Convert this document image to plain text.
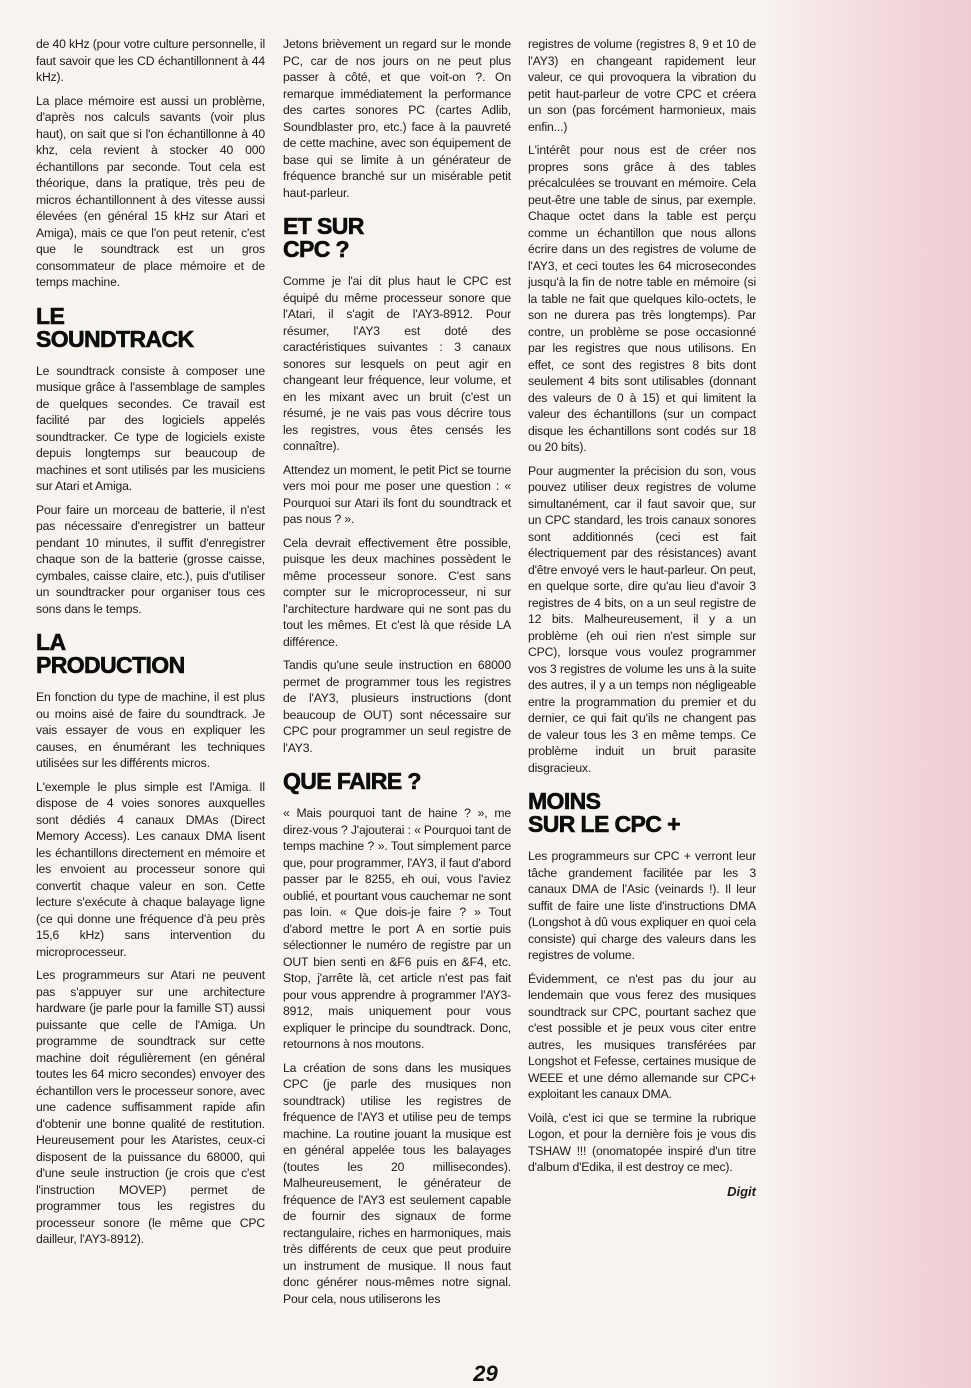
de 40 kHz (pour votre culture personnelle, il faut savoir que les CD échantillonnent à 44 kHz).

La place mémoire est aussi un problème, d'après nos calculs savants (voir plus haut), on sait que si l'on échantillonne à 40 khz, cela revient à stocker 40 000 échantillons par seconde. Tout cela est théorique, dans la pratique, très peu de micros échantillonnent à des vitesse aussi élevées (en général 15 kHz sur Atari et Amiga), mais ce que l'on peut retenir, c'est que le soundtrack est un gros consommateur de place mémoire et de temps machine.

LE
SOUNDTRACK

Le soundtrack consiste à composer une musique grâce à l'assemblage de samples de quelques secondes. Ce travail est facilité par des logiciels appelés soundtracker. Ce type de logiciels existe depuis longtemps sur beaucoup de machines et sont utilisés par les musiciens sur Atari et Amiga.

Pour faire un morceau de batterie, il n'est pas nécessaire d'enregistrer un batteur pendant 10 minutes, il suffit d'enregistrer chaque son de la batterie (grosse caisse, cymbales, caisse claire, etc.), puis d'utiliser un soundtracker pour organiser tous ces sons dans le temps.

LA
PRODUCTION

En fonction du type de machine, il est plus ou moins aisé de faire du soundtrack. Je vais essayer de vous en expliquer les causes, en énumérant les techniques utilisées sur les différents micros.

L'exemple le plus simple est l'Amiga. Il dispose de 4 voies sonores auxquelles sont dédiés 4 canaux DMAs (Direct Memory Access). Les canaux DMA lisent les échantillons directement en mémoire et les envoient au processeur sonore qui convertit chaque valeur en son. Cette lecture s'exécute à chaque balayage ligne (ce qui donne une fréquence d'à peu près 15,6 kHz) sans intervention du microprocesseur.

Les programmeurs sur Atari ne peuvent pas s'appuyer sur une architecture hardware (je parle pour la famille ST) aussi puissante que celle de l'Amiga. Un programme de soundtrack sur cette machine doit régulièrement (en général toutes les 64 micro secondes) envoyer des échantillon vers le processeur sonore, avec une cadence suffisamment rapide afin d'obtenir une bonne qualité de restitution. Heureusement pour les Ataristes, ceux-ci disposent de la puissance du 68000, qui d'une seule instruction (je crois que c'est l'instruction MOVEP) permet de programmer tous les registres du processeur sonore (le même que CPC dailleur, l'AY3-8912).

Jetons brièvement un regard sur le monde PC, car de nos jours on ne peut plus passer à côté, et que voit-on ?. On remarque immédiatement la performance des cartes sonores PC (cartes Adlib, Soundblaster pro, etc.) face à la pauvreté de cette machine, avec son équipement de base qui se limite à un générateur de fréquence branché sur un misérable petit haut-parleur.

ET SUR
CPC ?

Comme je l'ai dit plus haut le CPC est équipé du même processeur sonore que l'Atari, il s'agit de l'AY3-8912. Pour résumer, l'AY3 est doté des caractéristiques suivantes : 3 canaux sonores sur lesquels on peut agir en changeant leur fréquence, leur volume, et en les mixant avec un bruit (c'est un résumé, je ne vais pas vous décrire tous les registres, vous êtes censés les connaître).

Attendez un moment, le petit Pict se tourne vers moi pour me poser une question : « Pourquoi sur Atari ils font du soundtrack et pas nous ? ».

Cela devrait effectivement être possible, puisque les deux machines possèdent le même processeur sonore. C'est sans compter sur le microprocesseur, ni sur l'architecture hardware qui ne sont pas du tout les mêmes. Et c'est là que réside LA différence.

Tandis qu'une seule instruction en 68000 permet de programmer tous les registres de l'AY3, plusieurs instructions (dont beaucoup de OUT) sont nécessaire sur CPC pour programmer un seul registre de l'AY3.

QUE FAIRE ?

« Mais pourquoi tant de haine ? », me direz-vous ? J'ajouterai : « Pourquoi tant de temps machine ? ». Tout simplement parce que, pour programmer, l'AY3, il faut d'abord passer par le 8255, eh oui, vous l'aviez oublié, et pourtant vous cauchemar ne sont pas loin. « Que dois-je faire ? » Tout d'abord mettre le port A en sortie puis sélectionner le numéro de registre par un OUT bien senti en &F6 puis en &F4, etc. Stop, j'arrête là, cet article n'est pas fait pour vous apprendre à programmer l'AY3-8912, mais uniquement pour vous expliquer le principe du soundtrack. Donc, retournons à nos moutons.

La création de sons dans les musiques CPC (je parle des musiques non soundtrack) utilise les registres de fréquence de l'AY3 et utilise peu de temps machine. La routine jouant la musique est en général appelée tous les balayages (toutes les 20 millisecondes). Malheureusement, le générateur de fréquence de l'AY3 est seulement capable de fournir des signaux de forme rectangulaire, riches en harmoniques, mais très différents de ceux que peut produire un instrument de musique. Il nous faut donc générer nous-mêmes notre signal. Pour cela, nous utiliserons les

registres de volume (registres 8, 9 et 10 de l'AY3) en changeant rapidement leur valeur, ce qui provoquera la vibration du petit haut-parleur de votre CPC et créera un son (pas forcément harmonieux, mais enfin...)

L'intérêt pour nous est de créer nos propres sons grâce à des tables précalculées se trouvant en mémoire. Cela peut-être une table de sinus, par exemple. Chaque octet dans la table est perçu comme un échantillon que nous allons écrire dans un des registres de volume de l'AY3, et ceci toutes les 64 microsecondes jusqu'à la fin de notre table en mémoire (si la table ne fait que quelques kilo-octets, le son ne durera pas très longtemps). Par contre, un problème se pose occasionné par les registres que nous utilisons. En effet, ce sont des registres 8 bits dont seulement 4 bits sont utilisables (donnant des valeurs de 0 à 15) et qui limitent la valeur des échantillons (sur un compact disque les échantillons sont codés sur 18 ou 20 bits).

Pour augmenter la précision du son, vous pouvez utiliser deux registres de volume simultanément, car il faut savoir que, sur un CPC standard, les trois canaux sonores sont additionnés (ceci est fait électriquement par des résistances) avant d'être envoyé vers le haut-parleur. On peut, en quelque sorte, dire qu'au lieu d'avoir 3 registres de 4 bits, on a un seul registre de 12 bits. Malheureusement, il y a un problème (eh oui rien n'est simple sur CPC), lorsque vous voulez programmer vos 3 registres de volume les uns à la suite des autres, il y a un temps non négligeable entre la programmation du premier et du dernier, ce qui fait qu'ils ne changent pas de valeur tous les 3 en même temps. Ce problème induit un bruit parasite disgracieux.

MOINS
SUR LE CPC +

Les programmeurs sur CPC + verront leur tâche grandement facilitée par les 3 canaux DMA de l'Asic (veinards !). Il leur suffit de faire une liste d'instructions DMA (Longshot à dû vous expliquer en quoi cela consiste) qui charge des valeurs dans les registres de volume.

Évidemment, ce n'est pas du jour au lendemain que vous ferez des musiques soundtrack sur CPC, pourtant sachez que c'est possible et je peux vous citer entre autres, les musiques transférées par Longshot et Fefesse, certaines musique de WEEE et une démo allemande sur CPC+ exploitant les canaux DMA.

Voilà, c'est ici que se termine la rubrique Logon, et pour la dernière fois je vous dis TSHAW !!! (onomatopée inspiré d'un titre d'album d'Edika, il est destroy ce mec).

Digit
29
